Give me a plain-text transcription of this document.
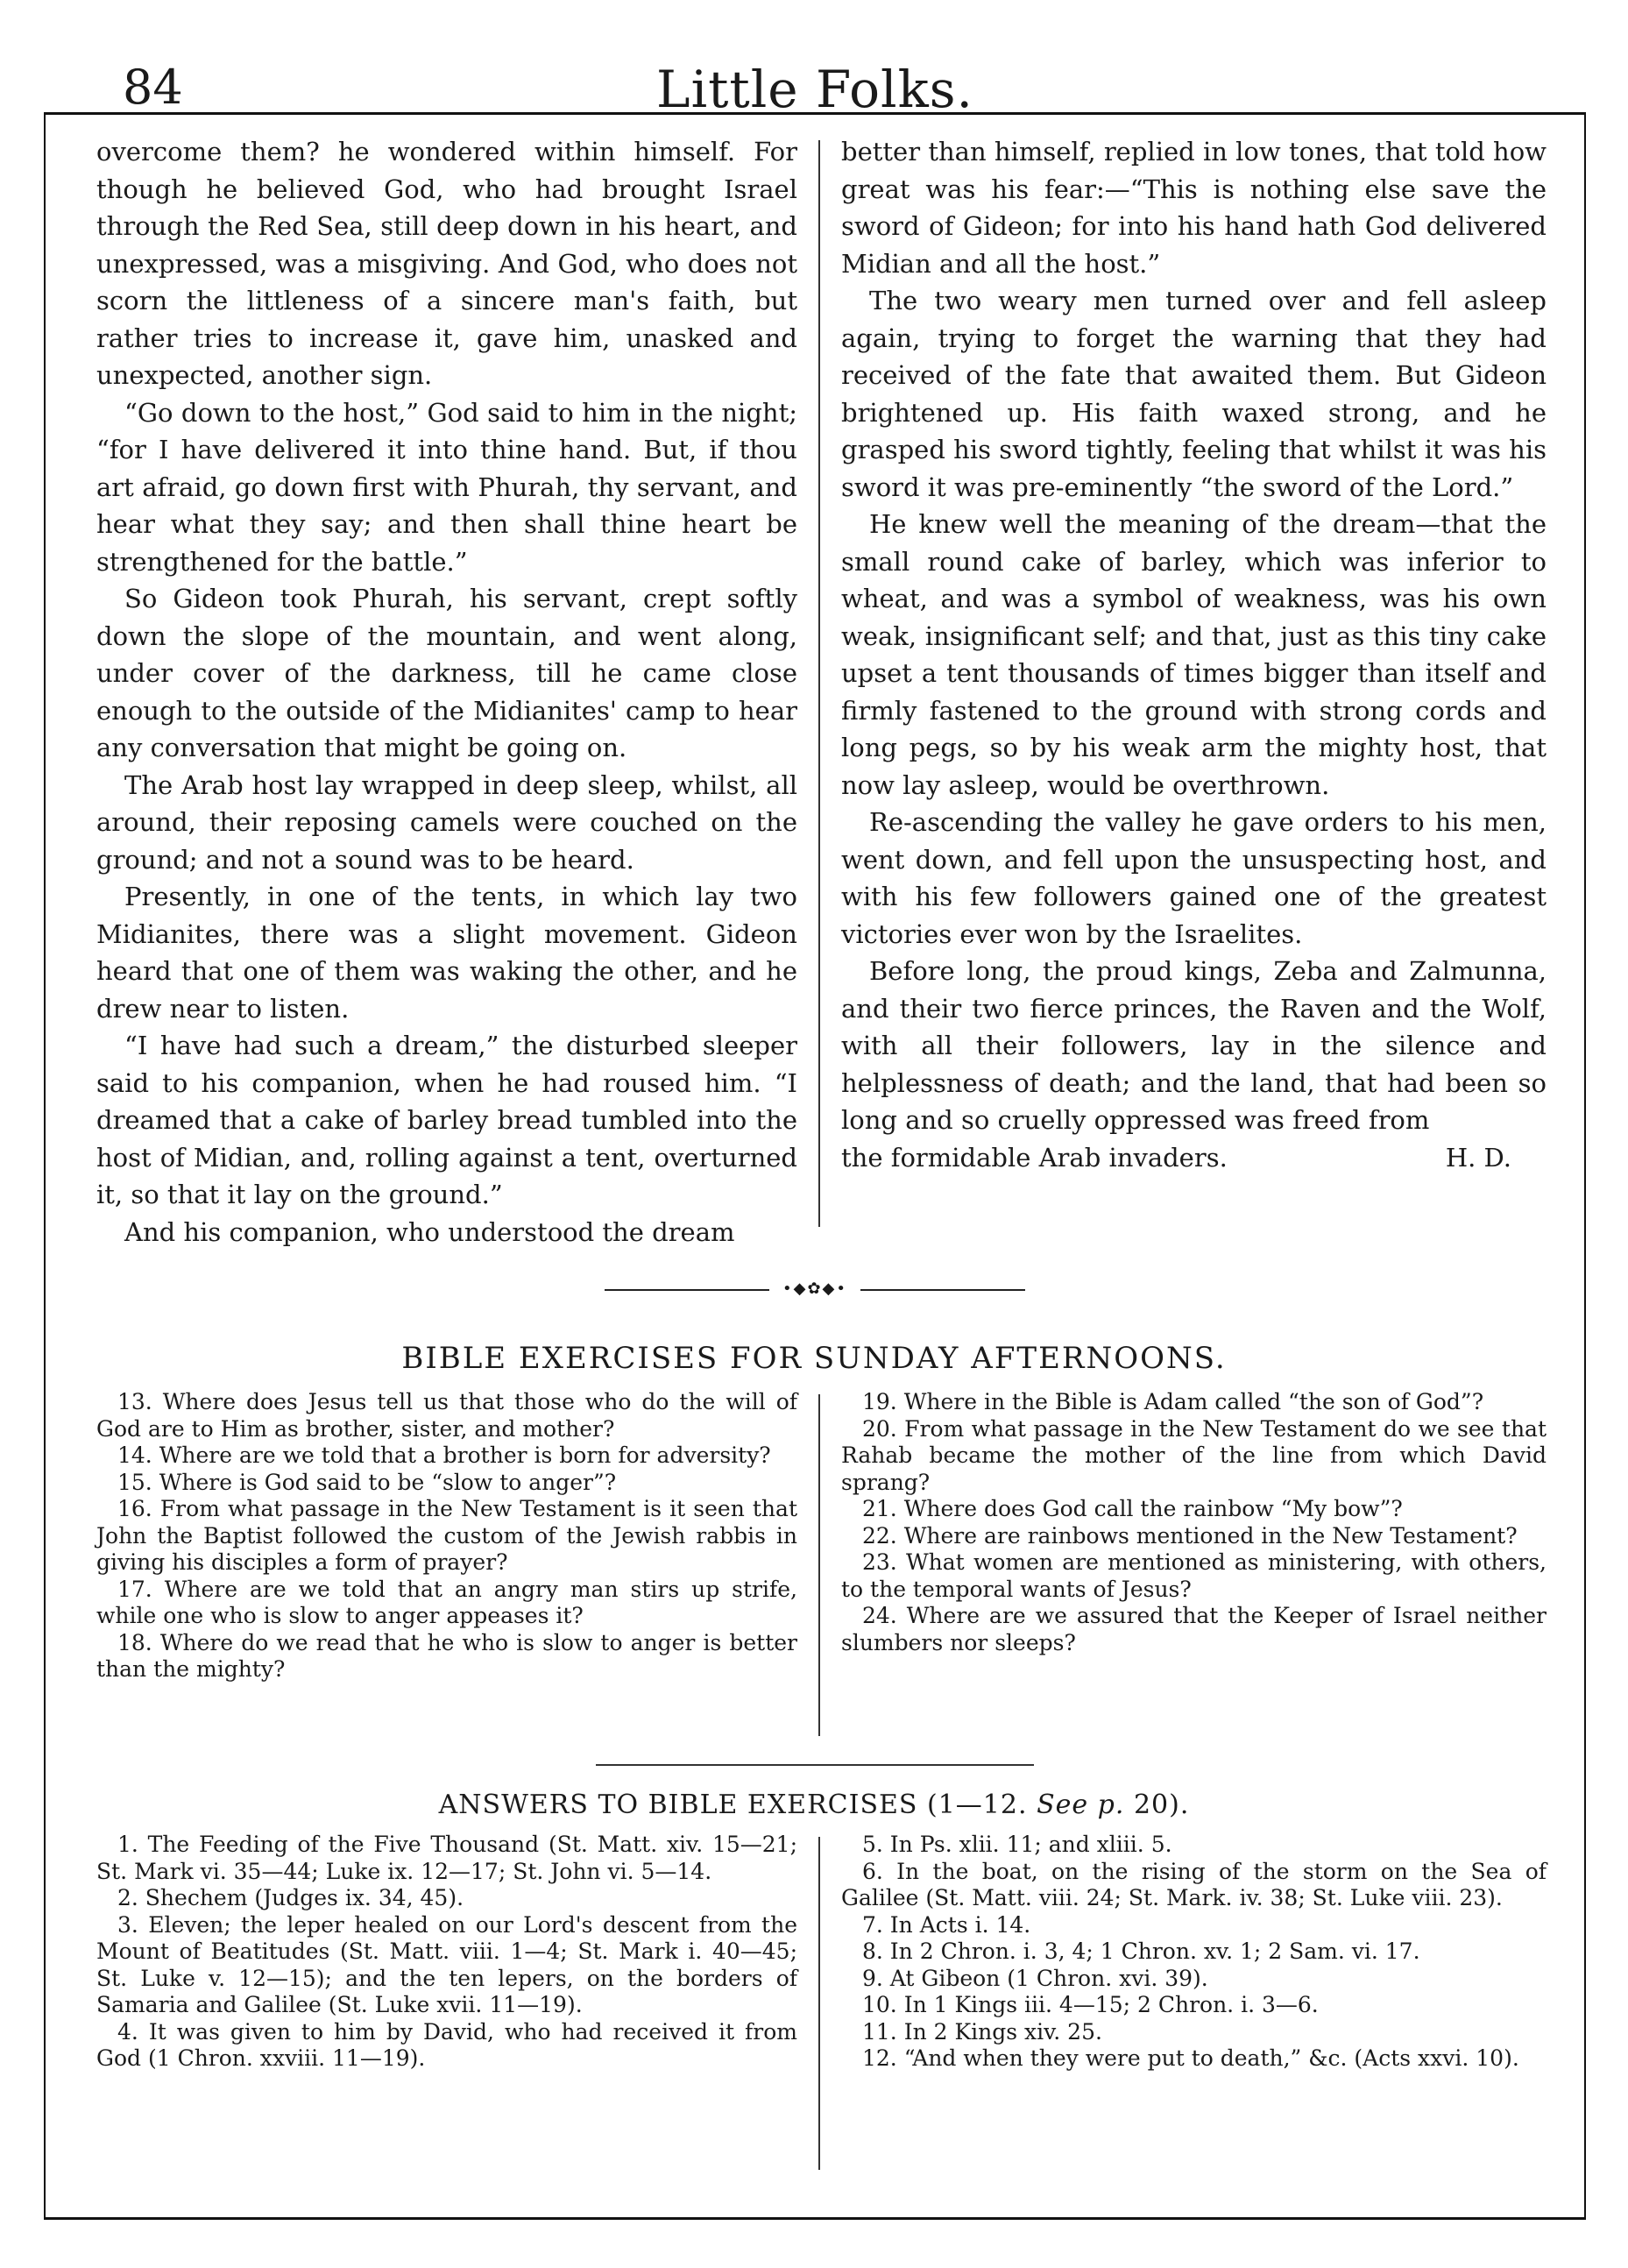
84	Little Folks.

overcome them? he wondered within himself. For though he believed God, who had brought Israel through the Red Sea, still deep down in his heart, and unexpressed, was a misgiving. And God, who does not scorn the littleness of a sincere man's faith, but rather tries to increase it, gave him, unasked and unexpected, another sign.

“Go down to the host,” God said to him in the night; “for I have delivered it into thine hand. But, if thou art afraid, go down first with Phurah, thy servant, and hear what they say; and then shall thine heart be strengthened for the battle.”

So Gideon took Phurah, his servant, crept softly down the slope of the mountain, and went along, under cover of the darkness, till he came close enough to the outside of the Midianites' camp to hear any conversation that might be going on.

The Arab host lay wrapped in deep sleep, whilst, all around, their reposing camels were couched on the ground; and not a sound was to be heard.

Presently, in one of the tents, in which lay two Midianites, there was a slight movement. Gideon heard that one of them was waking the other, and he drew near to listen.

“I have had such a dream,” the disturbed sleeper said to his companion, when he had roused him. “I dreamed that a cake of barley bread tumbled into the host of Midian, and, rolling against a tent, overturned it, so that it lay on the ground.”

And his companion, who understood the dream

better than himself, replied in low tones, that told how great was his fear:—“This is nothing else save the sword of Gideon; for into his hand hath God delivered Midian and all the host.”

The two weary men turned over and fell asleep again, trying to forget the warning that they had received of the fate that awaited them. But Gideon brightened up. His faith waxed strong, and he grasped his sword tightly, feeling that whilst it was his sword it was pre-eminently “the sword of the Lord.”

He knew well the meaning of the dream—that the small round cake of barley, which was inferior to wheat, and was a symbol of weakness, was his own weak, insignificant self; and that, just as this tiny cake upset a tent thousands of times bigger than itself and firmly fastened to the ground with strong cords and long pegs, so by his weak arm the mighty host, that now lay asleep, would be overthrown.

Re-ascending the valley he gave orders to his men, went down, and fell upon the unsuspecting host, and with his few followers gained one of the greatest victories ever won by the Israelites.

Before long, the proud kings, Zeba and Zalmunna, and their two fierce princes, the Raven and the Wolf, with all their followers, lay in the silence and helplessness of death; and the land, that had been so long and so cruelly oppressed was freed from

the formidable Arab invaders.	H. D.

•◆✿◆•
BIBLE EXERCISES FOR SUNDAY AFTERNOONS.

13. Where does Jesus tell us that those who do the will of God are to Him as brother, sister, and mother?

14. Where are we told that a brother is born for adversity?

15. Where is God said to be “slow to anger”?

16. From what passage in the New Testament is it seen that John the Baptist followed the custom of the Jewish rabbis in giving his disciples a form of prayer?

17. Where are we told that an angry man stirs up strife, while one who is slow to anger appeases it?

18. Where do we read that he who is slow to anger is better than the mighty?

19. Where in the Bible is Adam called “the son of God”?

20. From what passage in the New Testament do we see that Rahab became the mother of the line from which David sprang?

21. Where does God call the rainbow “My bow”?

22. Where are rainbows mentioned in the New Testament?

23. What women are mentioned as ministering, with others, to the temporal wants of Jesus?

24. Where are we assured that the Keeper of Israel neither slumbers nor sleeps?

ANSWERS TO BIBLE EXERCISES (1—12. See p. 20).

1. The Feeding of the Five Thousand (St. Matt. xiv. 15—21; St. Mark vi. 35—44; Luke ix. 12—17; St. John vi. 5—14.

2. Shechem (Judges ix. 34, 45).

3. Eleven; the leper healed on our Lord's descent from the Mount of Beatitudes (St. Matt. viii. 1—4; St. Mark i. 40—45; St. Luke v. 12—15); and the ten lepers, on the borders of Samaria and Galilee (St. Luke xvii. 11—19).

4. It was given to him by David, who had received it from God (1 Chron. xxviii. 11—19).

5. In Ps. xlii. 11; and xliii. 5.

6. In the boat, on the rising of the storm on the Sea of Galilee (St. Matt. viii. 24; St. Mark. iv. 38; St. Luke viii. 23).

7. In Acts i. 14.

8. In 2 Chron. i. 3, 4; 1 Chron. xv. 1; 2 Sam. vi. 17.

9. At Gibeon (1 Chron. xvi. 39).

10. In 1 Kings iii. 4—15; 2 Chron. i. 3—6.

11. In 2 Kings xiv. 25.

12. “And when they were put to death,” &c. (Acts xxvi. 10).
